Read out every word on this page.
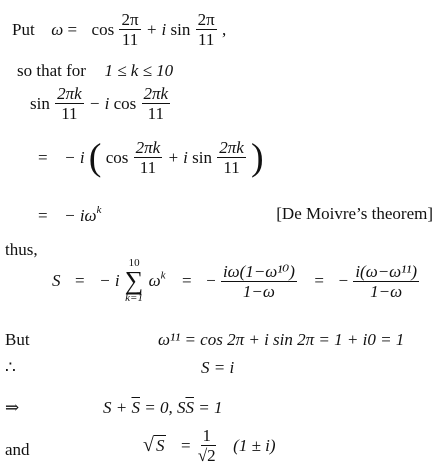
Put $\omega = \cos \frac{2\pi}{11} + i$ $\sin \frac{2\pi}{11}$ ,
so that for 1 ≤ k ≤ 10
$\sin \frac{2\pi k}{11} - i$ $\cos \frac{2\pi k}{11}$
= − i ( $\cos \frac{2\pi k}{11} + i$ $\sin \frac{2\pi k}{11}$ )
= − $i\omega^k$	[De Moivre’s theorem]
thus,
S = − i
10
∑
k=1
$\omega^k$ = − $\frac{\text{iω(1−ω¹⁰)}}{1-\omega}$ = − $\frac{\text{i(ω−ω¹¹)}}{1-\omega}$
But	ω¹¹ = cos 2π + i sin 2π = 1 + i0 = 1
∴	S = i
⇒	$S + \overline{S} = 0$, $S\overline{S} = 1$
and	√ $S = \frac{1}{√2} (1 \pm i)$
